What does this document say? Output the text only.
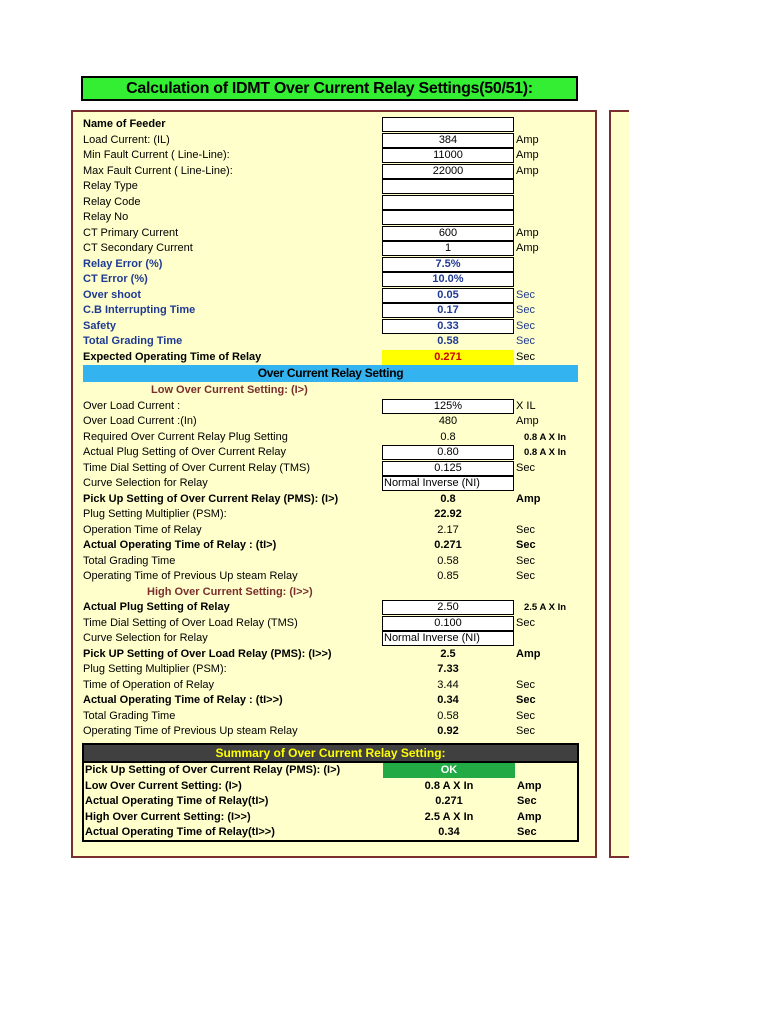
Calculation of IDMT Over Current Relay Settings(50/51):
Name of Feeder
Load Current: (IL)	384	Amp
Min Fault Current ( Line-Line):	11000	Amp
Max Fault Current ( Line-Line):	22000	Amp
Relay Type
Relay Code
Relay No
CT Primary Current	600	Amp
CT Secondary Current	1	Amp
Relay Error (%)	7.5%
CT Error (%)	10.0%
Over shoot	0.05	Sec
C.B Interrupting Time	0.17	Sec
Safety	0.33	Sec
Total Grading Time	0.58	Sec
Expected Operating Time of Relay	0.271	Sec
Over Current Relay Setting
Low Over Current Setting: (I>)
Over Load Current :	125%	X IL
Over Load Current :(In)	480	Amp
Required Over Current Relay Plug Setting	0.8	0.8 A X In
Actual Plug Setting of Over Current Relay	0.80	0.8 A X In
Time Dial Setting of Over Current Relay (TMS)	0.125	Sec
Curve Selection for Relay	Normal Inverse (NI)
Pick Up Setting of Over Current Relay (PMS): (I>)	0.8	Amp
Plug Setting Multiplier (PSM):	22.92
Operation Time of Relay	2.17	Sec
Actual Operating Time of Relay : (tI>)	0.271	Sec
Total Grading Time	0.58	Sec
Operating Time of Previous Up steam Relay	0.85	Sec
High Over Current Setting: (I>>)
Actual Plug Setting of Relay	2.50	2.5 A X In
Time Dial Setting of Over Load Relay (TMS)	0.100	Sec
Curve Selection for Relay	Normal Inverse (NI)
Pick UP Setting of Over Load Relay (PMS): (I>>)	2.5	Amp
Plug Setting Multiplier (PSM):	7.33
Time of Operation of Relay	3.44	Sec
Actual Operating Time of Relay : (tI>>)	0.34	Sec
Total Grading Time	0.58	Sec
Operating Time of Previous Up steam Relay	0.92	Sec
Summary of Over Current Relay Setting:
Pick Up Setting of Over Current Relay (PMS): (I>)	OK
Low Over Current Setting: (I>)	0.8 A X In	Amp
Actual Operating Time of Relay(tI>)	0.271	Sec
High Over Current Setting: (I>>)	2.5 A X In	Amp
Actual Operating Time of Relay(tI>>)	0.34	Sec
